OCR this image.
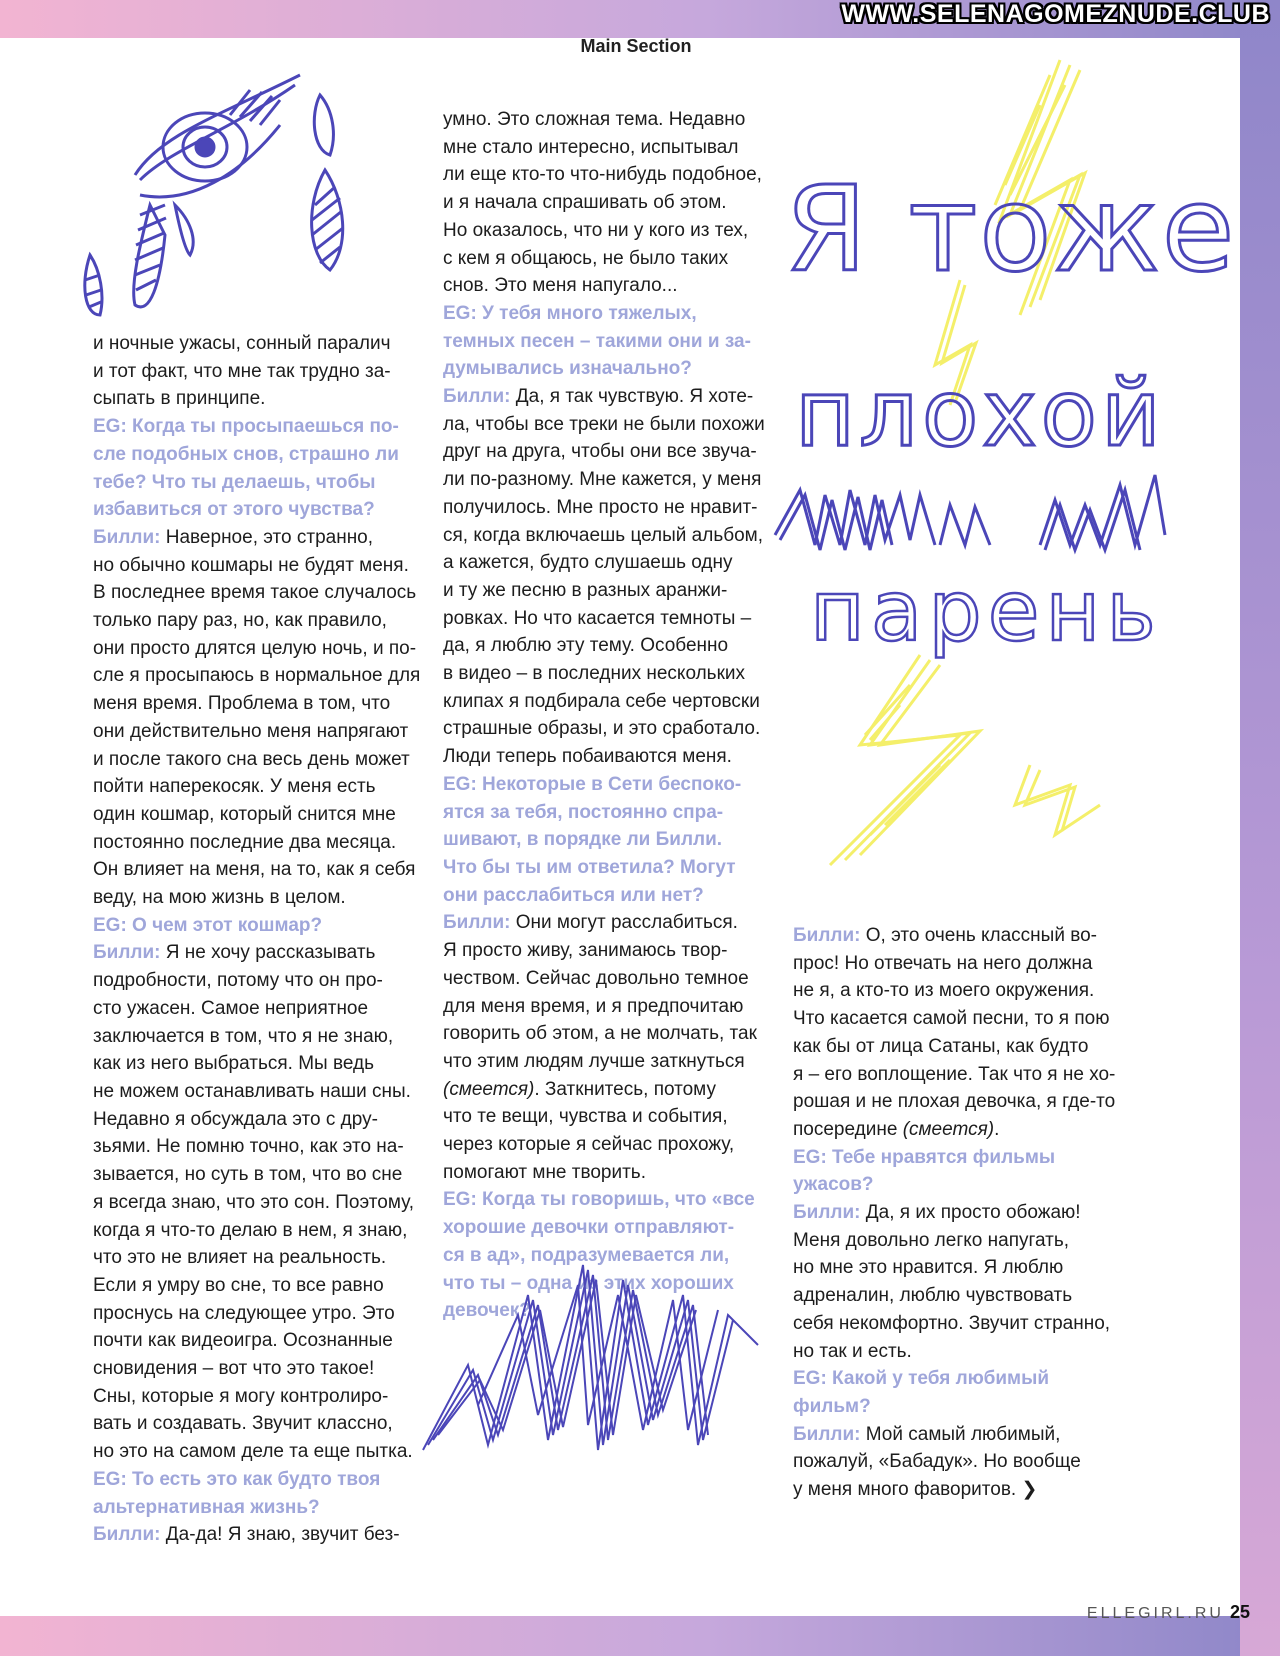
WWW.SELENAGOMEZNUDE.CLUB
Main Section

и ночные ужасы, сонный паралич

и тот факт, что мне так трудно за-

сыпать в принципе.

EG: Когда ты просыпаешься по-

сле подобных снов, страшно ли

тебе? Что ты делаешь, чтобы

избавиться от этого чувства?

Билли: Наверное, это странно,

но обычно кошмары не будят меня.

В последнее время такое случалось

только пару раз, но, как правило,

они просто длятся целую ночь, и по-

сле я просыпаюсь в нормальное для

меня время. Проблема в том, что

они действительно меня напрягают

и после такого сна весь день может

пойти наперекосяк. У меня есть

один кошмар, который снится мне

постоянно последние два месяца.

Он влияет на меня, на то, как я себя

веду, на мою жизнь в целом.

EG: О чем этот кошмар?

Билли: Я не хочу рассказывать

подробности, потому что он про-

сто ужасен. Самое неприятное

заключается в том, что я не знаю,

как из него выбраться. Мы ведь

не можем останавливать наши сны.

Недавно я обсуждала это с дру-

зьями. Не помню точно, как это на-

зывается, но суть в том, что во сне

я всегда знаю, что это сон. Поэтому,

когда я что-то делаю в нем, я знаю,

что это не влияет на реальность.

Если я умру во сне, то все равно

проснусь на следующее утро. Это

почти как видеоигра. Осознанные

сновидения – вот что это такое!

Сны, которые я могу контролиро-

вать и создавать. Звучит классно,

но это на самом деле та еще пытка.

EG: То есть это как будто твоя

альтернативная жизнь?

Билли: Да-да! Я знаю, звучит без-

умно. Это сложная тема. Недавно

мне стало интересно, испытывал

ли еще кто-то что-нибудь подобное,

и я начала спрашивать об этом.

Но оказалось, что ни у кого из тех,

с кем я общаюсь, не было таких

снов. Это меня напугало...

EG: У тебя много тяжелых,

темных песен – такими они и за-

думывались изначально?

Билли: Да, я так чувствую. Я хоте-

ла, чтобы все треки не были похожи

друг на друга, чтобы они все звуча-

ли по-разному. Мне кажется, у меня

получилось. Мне просто не нравит-

ся, когда включаешь целый альбом,

а кажется, будто слушаешь одну

и ту же песню в разных аранжи-

ровках. Но что касается темноты –

да, я люблю эту тему. Особенно

в видео – в последних нескольких

клипах я подбирала себе чертовски

страшные образы, и это сработало.

Люди теперь побаиваются меня.

EG: Некоторые в Сети беспоко-

ятся за тебя, постоянно спра-

шивают, в порядке ли Билли.

Что бы ты им ответила? Могут

они расслабиться или нет?

Билли: Они могут расслабиться.

Я просто живу, занимаюсь твор-

чеством. Сейчас довольно темное

для меня время, и я предпочитаю

говорить об этом, а не молчать, так

что этим людям лучше заткнуться

(смеется). Заткнитесь, потому

что те вещи, чувства и события,

через которые я сейчас прохожу,

помогают мне творить.

EG: Когда ты говоришь, что «все

хорошие девочки отправляют-

ся в ад», подразумевается ли,

что ты – одна из этих хороших

девочек?

Билли: О, это очень классный во-

прос! Но отвечать на него должна

не я, а кто-то из моего окружения.

Что касается самой песни, то я пою

как бы от лица Сатаны, как будто

я – его воплощение. Так что я не хо-

рошая и не плохая девочка, я где-то

посередине (смеется).

EG: Тебе нравятся фильмы

ужасов?

Билли: Да, я их просто обожаю!

Меня довольно легко напугать,

но мне это нравится. Я люблю

адреналин, люблю чувствовать

себя некомфортно. Звучит странно,

но так и есть.

EG: Какой у тебя любимый

фильм?

Билли: Мой самый любимый,

пожалуй, «Бабадук». Но вообще

у меня много фаворитов. ❯

Я тоже
плохой
парень
ELLEGIRL.RU 25
